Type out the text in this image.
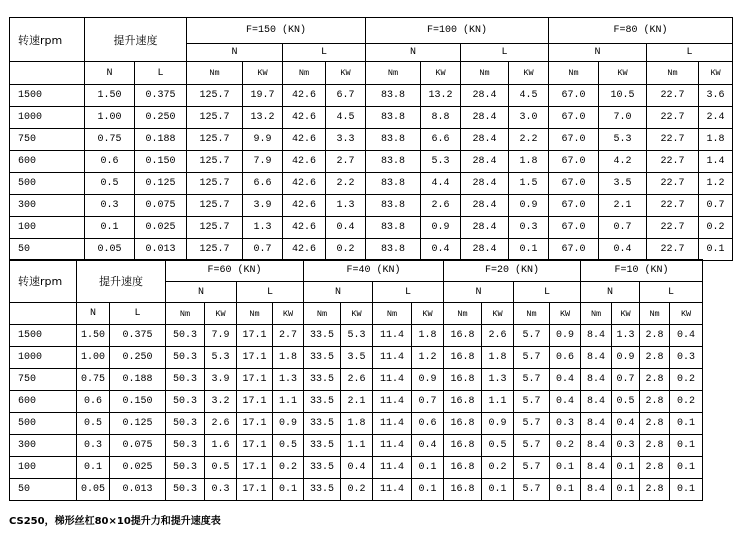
转速rpm	提升速度		F=150 (KN)				F=100 (KN)				F=80 (KN)			
			N		L		N		L		N		L	
	N	L	Nm	KW	Nm	KW	Nm	KW	Nm	KW	Nm	KW	Nm	KW
1500	1.50	0.375	125.7	19.7	42.6	6.7	83.8	13.2	28.4	4.5	67.0	10.5	22.7	3.6
1000	1.00	0.250	125.7	13.2	42.6	4.5	83.8	8.8	28.4	3.0	67.0	7.0	22.7	2.4
750	0.75	0.188	125.7	9.9	42.6	3.3	83.8	6.6	28.4	2.2	67.0	5.3	22.7	1.8
600	0.6	0.150	125.7	7.9	42.6	2.7	83.8	5.3	28.4	1.8	67.0	4.2	22.7	1.4
500	0.5	0.125	125.7	6.6	42.6	2.2	83.8	4.4	28.4	1.5	67.0	3.5	22.7	1.2
300	0.3	0.075	125.7	3.9	42.6	1.3	83.8	2.6	28.4	0.9	67.0	2.1	22.7	0.7
100	0.1	0.025	125.7	1.3	42.6	0.4	83.8	0.9	28.4	0.3	67.0	0.7	22.7	0.2
50	0.05	0.013	125.7	0.7	42.6	0.2	83.8	0.4	28.4	0.1	67.0	0.4	22.7	0.1
转速rpm	提升速度		F=60 (KN)				F=40 (KN)				F=20 (KN)				F=10 (KN)			
			N		L		N		L		N		L		N		L	
	N	L	Nm	KW	Nm	KW	Nm	KW	Nm	KW	Nm	KW	Nm	KW	Nm	KW	Nm	KW
1500	1.50	0.375	50.3	7.9	17.1	2.7	33.5	5.3	11.4	1.8	16.8	2.6	5.7	0.9	8.4	1.3	2.8	0.4
1000	1.00	0.250	50.3	5.3	17.1	1.8	33.5	3.5	11.4	1.2	16.8	1.8	5.7	0.6	8.4	0.9	2.8	0.3
750	0.75	0.188	50.3	3.9	17.1	1.3	33.5	2.6	11.4	0.9	16.8	1.3	5.7	0.4	8.4	0.7	2.8	0.2
600	0.6	0.150	50.3	3.2	17.1	1.1	33.5	2.1	11.4	0.7	16.8	1.1	5.7	0.4	8.4	0.5	2.8	0.2
500	0.5	0.125	50.3	2.6	17.1	0.9	33.5	1.8	11.4	0.6	16.8	0.9	5.7	0.3	8.4	0.4	2.8	0.1
300	0.3	0.075	50.3	1.6	17.1	0.5	33.5	1.1	11.4	0.4	16.8	0.5	5.7	0.2	8.4	0.3	2.8	0.1
100	0.1	0.025	50.3	0.5	17.1	0.2	33.5	0.4	11.4	0.1	16.8	0.2	5.7	0.1	8.4	0.1	2.8	0.1
50	0.05	0.013	50.3	0.3	17.1	0.1	33.5	0.2	11.4	0.1	16.8	0.1	5.7	0.1	8.4	0.1	2.8	0.1
CS250，梯形丝杠80×10提升力和提升速度表
